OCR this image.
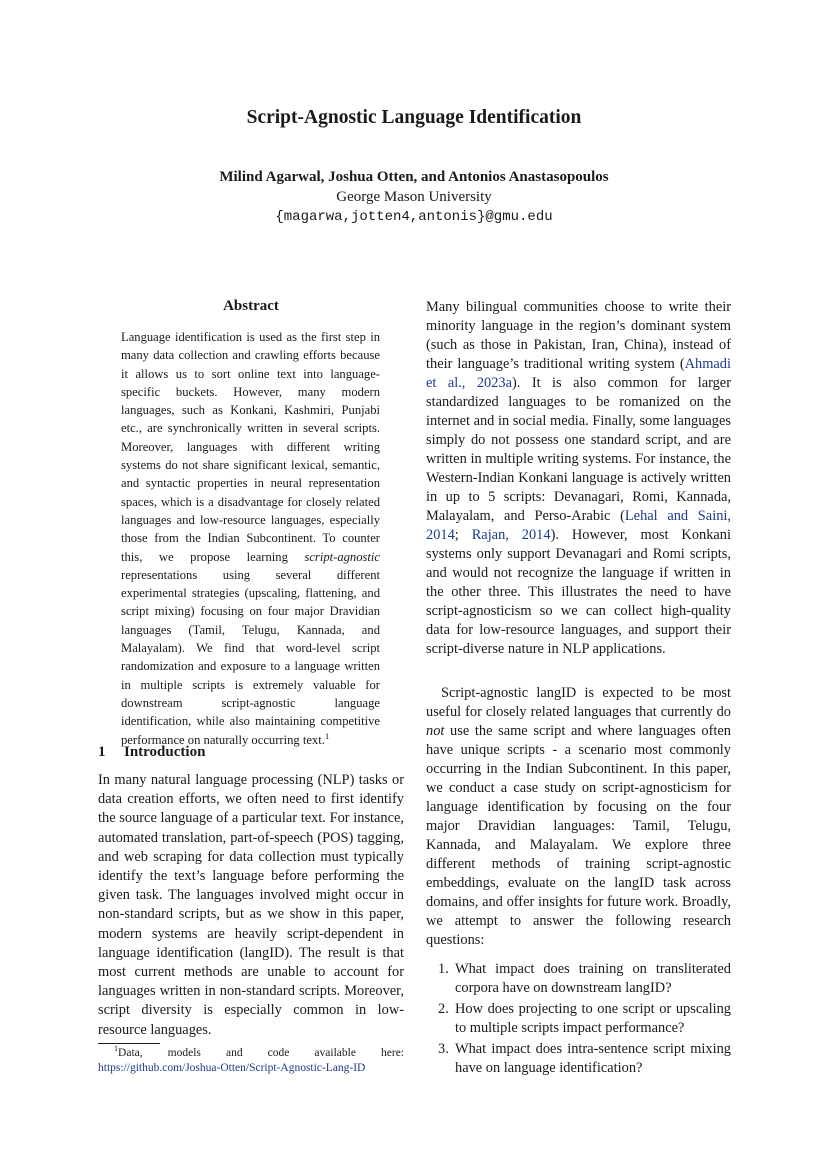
Script-Agnostic Language Identification
Milind Agarwal, Joshua Otten, and Antonios Anastasopoulos
George Mason University
{magarwa,jotten4,antonis}@gmu.edu
Abstract

Language identification is used as the first step in many data collection and crawling efforts because it allows us to sort online text into language-specific buckets. However, many modern languages, such as Konkani, Kashmiri, Punjabi etc., are synchronically written in several scripts. Moreover, languages with different writing systems do not share significant lexical, semantic, and syntactic properties in neural representation spaces, which is a disadvantage for closely related languages and low-resource languages, especially those from the Indian Subcontinent. To counter this, we propose learning script-agnostic representations using several different experimental strategies (upscaling, flattening, and script mixing) focusing on four major Dravidian languages (Tamil, Telugu, Kannada, and Malayalam). We find that word-level script randomization and exposure to a language written in multiple scripts is extremely valuable for downstream script-agnostic language identification, while also maintaining competitive performance on naturally occurring text.$^1$

1 Introduction

In many natural language processing (NLP) tasks or data creation efforts, we often need to first identify the source language of a particular text. For instance, automated translation, part-of-speech (POS) tagging, and web scraping for data collection must typically identify the text’s language before performing the given task. The languages involved might occur in non-standard scripts, but as we show in this paper, modern systems are heavily script-dependent in language identification (langID). The result is that most current methods are unable to account for languages written in non-standard scripts. Moreover, script diversity is especially common in low-resource languages.

$^1$Data, models and code available here:
https://github.com/Joshua-Otten/Script-Agnostic-Lang-ID

Many bilingual communities choose to write their minority language in the region’s dominant system (such as those in Pakistan, Iran, China), instead of their language’s traditional writing system (Ahmadi et al., 2023a). It is also common for larger standardized languages to be romanized on the internet and in social media. Finally, some languages simply do not possess one standard script, and are written in multiple writing systems. For instance, the Western-Indian Konkani language is actively written in up to 5 scripts: Devanagari, Romi, Kannada, Malayalam, and Perso-Arabic (Lehal and Saini, 2014; Rajan, 2014). However, most Konkani systems only support Devanagari and Romi scripts, and would not recognize the language if written in the other three. This illustrates the need to have script-agnosticism so we can collect high-quality data for low-resource languages, and support their script-diverse nature in NLP applications.

Script-agnostic langID is expected to be most useful for closely related languages that currently do not use the same script and where languages often have unique scripts - a scenario most commonly occurring in the Indian Subcontinent. In this paper, we conduct a case study on script-agnosticism for language identification by focusing on the four major Dravidian languages: Tamil, Telugu, Kannada, and Malayalam. We explore three different methods of training script-agnostic embeddings, evaluate on the langID task across domains, and offer insights for future work. Broadly, we attempt to answer the following research questions:

1. What impact does training on transliterated corpora have on downstream langID?
2. How does projecting to one script or upscaling to multiple scripts impact performance?
3. What impact does intra-sentence script mixing have on language identification?
